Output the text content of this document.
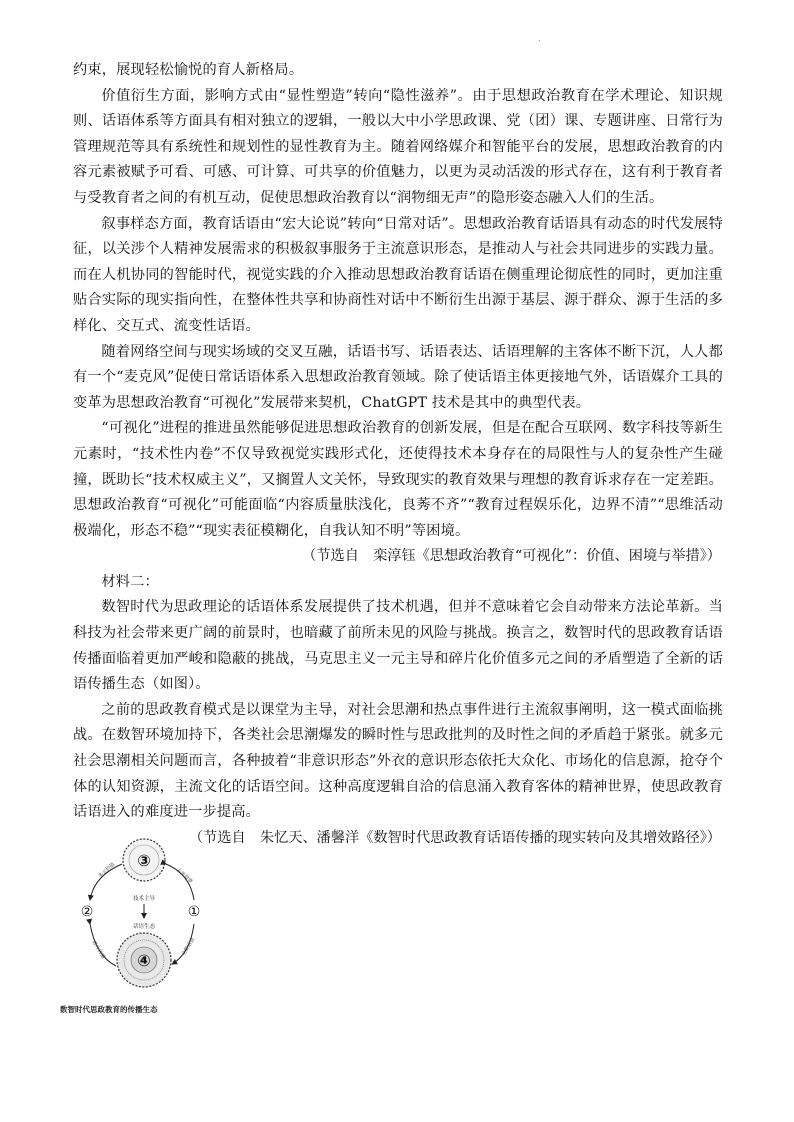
.

约束，展现轻松愉悦的育人新格局。

价值衍生方面，影响方式由“显性塑造”转向“隐性滋养”。由于思想政治教育在学术理论、知识规则、话语体系等方面具有相对独立的逻辑，一般以大中小学思政课、党（团）课、专题讲座、日常行为管理规范等具有系统性和规划性的显性教育为主。随着网络媒介和智能平台的发展，思想政治教育的内容元素被赋予可看、可感、可计算、可共享的价值魅力，以更为灵动活泼的形式存在，这有利于教育者与受教育者之间的有机互动，促使思想政治教育以“润物细无声”的隐形姿态融入人们的生活。

叙事样态方面，教育话语由“宏大论说”转向“日常对话”。思想政治教育话语具有动态的时代发展特征，以关涉个人精神发展需求的积极叙事服务于主流意识形态，是推动人与社会共同进步的实践力量。而在人机协同的智能时代，视觉实践的介入推动思想政治教育话语在侧重理论彻底性的同时，更加注重贴合实际的现实指向性，在整体性共享和协商性对话中不断衍生出源于基层、源于群众、源于生活的多样化、交互式、流变性话语。

随着网络空间与现实场域的交叉互融，话语书写、话语表达、话语理解的主客体不断下沉，人人都有一个“麦克风”促使日常话语体系入思想政治教育领域。除了使话语主体更接地气外，话语媒介工具的变革为思想政治教育“可视化”发展带来契机，ChatGPT 技术是其中的典型代表。

“可视化”进程的推进虽然能够促进思想政治教育的创新发展，但是在配合互联网、数字科技等新生元素时，“技术性内卷”不仅导致视觉实践形式化，还使得技术本身存在的局限性与人的复杂性产生碰撞，既助长“技术权威主义”，又搁置人文关怀，导致现实的教育效果与理想的教育诉求存在一定差距。思想政治教育“可视化”可能面临“内容质量肤浅化，良莠不齐”“教育过程娱乐化，边界不清”“思维活动极端化，形态不稳”“现实表征模糊化，自我认知不明”等困境。

（节选自　栾淳钰《思想政治教育“可视化”：价值、困境与举措》）

材料二：

数智时代为思政理论的话语体系发展提供了技术机遇，但并不意味着它会自动带来方法论革新。当科技为社会带来更广阔的前景时，也暗藏了前所未见的风险与挑战。换言之，数智时代的思政教育话语传播面临着更加严峻和隐蔽的挑战，马克思主义一元主导和碎片化价值多元之间的矛盾塑造了全新的话语传播生态（如图）。

之前的思政教育模式是以课堂为主导，对社会思潮和热点事件进行主流叙事阐明，这一模式面临挑战。在数智环境加持下，各类社会思潮爆发的瞬时性与思政批判的及时性之间的矛盾趋于紧张。就多元社会思潮相关问题而言，各种披着“非意识形态”外衣的意识形态依托大众化、市场化的信息源，抢夺个体的认知资源，主流文化的话语空间。这种高度逻辑自洽的信息涌入教育客体的精神世界，使思政教育话语进入的难度进一步提高。

（节选自　朱忆天、潘馨洋《数智时代思政教育话语传播的现实转向及其增效路径》）

③
④
②	①
多元价值	主流叙事
碎片传播	全新话语
技术主导
话语生态
数智时代思政教育的传播生态
